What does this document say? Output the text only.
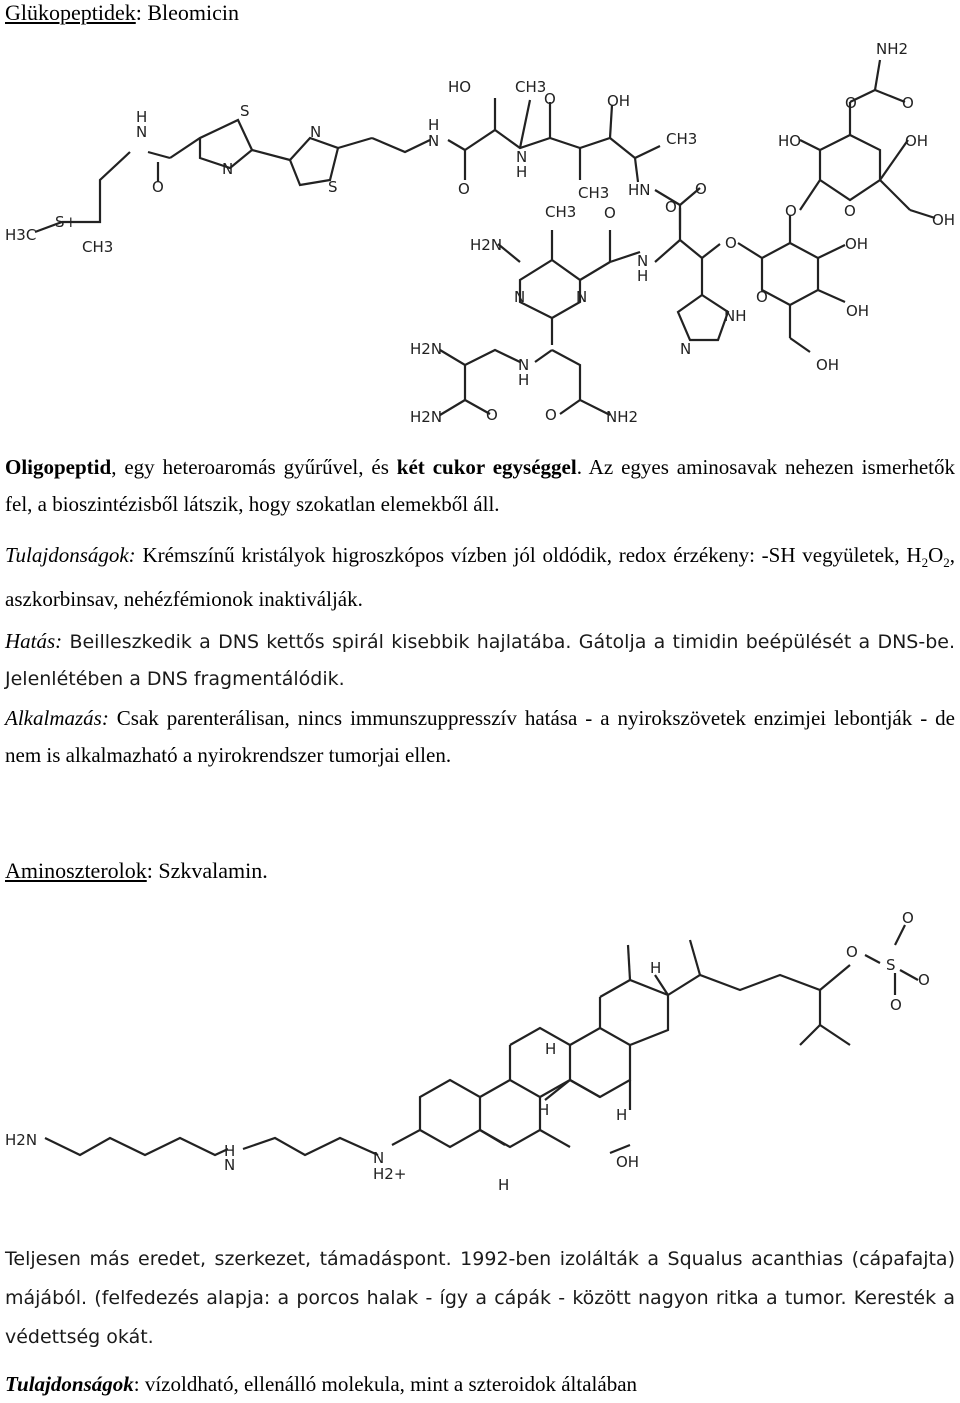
Glükopeptidek: Bleomicin
H3C
S+
CH3
H
N
O
S
N
N
S
H
N
O
HO	CH3
O	OH
N
H
CH3
CH3 HN	O
CH3 O	O
H2N
N
H
N	N
O
NH
N
H2N
N
H
H2N	O	O	NH2
NH2
O	O
HO	OH
OH
O	O
OH
O
OH
OH
Oligopeptid, egy heteroaromás gyűrűvel, és két cukor egységgel. Az egyes aminosavak nehezen ismerhetők fel, a bioszintézisből látszik, hogy szokatlan elemekből áll.
Tulajdonságok: Krémszínű kristályok higroszkópos vízben jól oldódik, redox érzékeny: -SH vegyületek, $H_2O_2$, aszkorbinsav, nehézfémionok inaktiválják.
Hatás: Beilleszkedik a DNS kettős spirál kisebbik hajlatába. Gátolja a timidin beépülését a DNS-be. Jelenlétében a DNS fragmentálódik.
Alkalmazás: Csak parenterálisan, nincs immunszuppresszív hatása - a nyirokszövetek enzimjei lebontják - de nem is alkalmazható a nyirokrendszer tumorjai ellen.
Aminoszterolok: Szkvalamin.
H2N
H
N	N
H2+
H
OH
H	H
H
H
O
S
O
O
O
Teljesen más eredet, szerkezet, támadáspont. 1992-ben izolálták a Squalus acanthias (cápafajta) májából. (felfedezés alapja: a porcos halak - így a cápák - között nagyon ritka a tumor. Keresték a védettség okát.
Tulajdonságok: vízoldható, ellenálló molekula, mint a szteroidok általában
